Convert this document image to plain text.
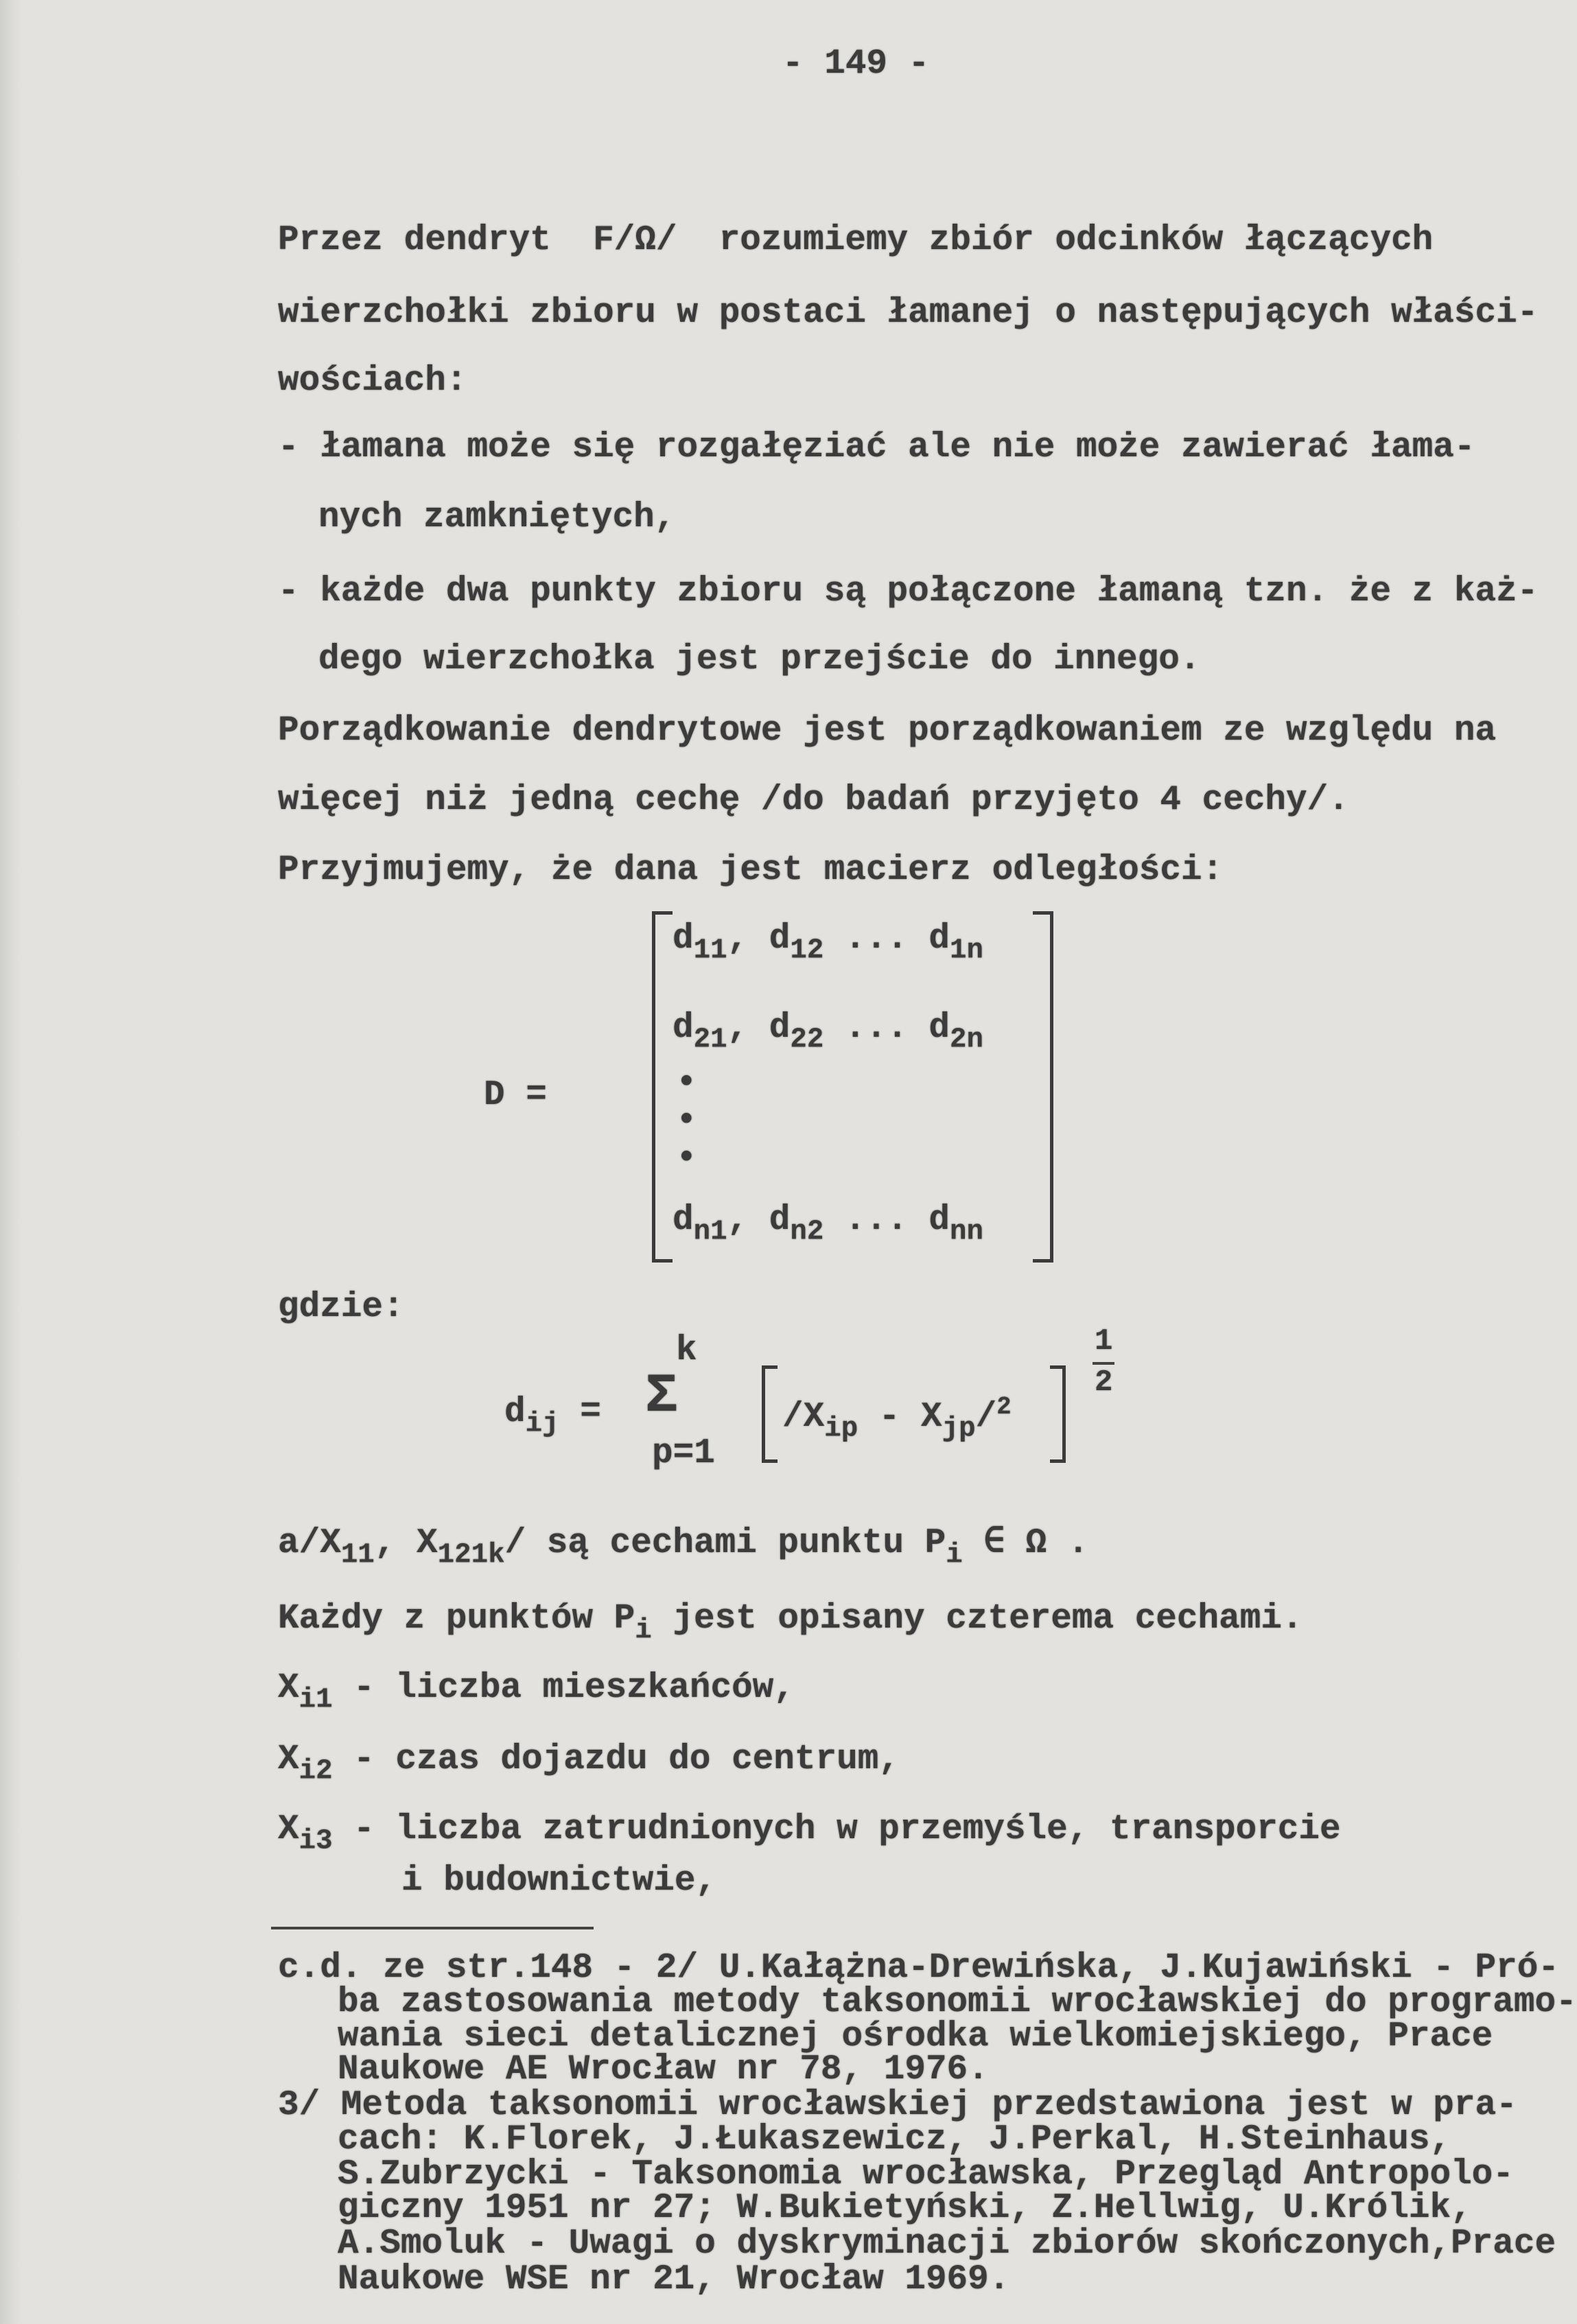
- 149 -
Przez dendryt  F/Ω/  rozumiemy zbiór odcinków łączących
wierzchołki zbioru w postaci łamanej o następujących właści-
wościach:
- łamana może się rozgałęziać ale nie może zawierać łama-
nych zamkniętych,
- każde dwa punkty zbioru są połączone łamaną tzn. że z każ-
dego wierzchołka jest przejście do innego.
Porządkowanie dendrytowe jest porządkowaniem ze względu na
więcej niż jedną cechę /do badań przyjęto 4 cechy/.
Przyjmujemy, że dana jest macierz odległości:
D =
$d_{11}$, $d_{12}$ ... $d_{1n}$
$d_{21}$, $d_{22}$ ... $d_{2n}$
•
•
•
$d_{n1}$, $d_{n2}$ ... $d_{nn}$
gdzie:
$d_{ij}$ =
k
Σ
p=1
$/X_{ip} - X_{jp}/^2$
1
2
$a/X_{11}$, $X_{121k}/$ są cechami punktu $P_i$ ∈ Ω .
Każdy z punktów $P_i$ jest opisany czterema cechami.
$X_{i1}$ - liczba mieszkańców,
$X_{i2}$ - czas dojazdu do centrum,
$X_{i3}$ - liczba zatrudnionych w przemyśle, transporcie
i budownictwie,
c.d. ze str.148 - 2/ U.Kałążna-Drewińska, J.Kujawiński - Pró-
ba zastosowania metody taksonomii wrocławskiej do programo-
wania sieci detalicznej ośrodka wielkomiejskiego, Prace
Naukowe AE Wrocław nr 78, 1976.
3/ Metoda taksonomii wrocławskiej przedstawiona jest w pra-
cach: K.Florek, J.Łukaszewicz, J.Perkal, H.Steinhaus,
S.Zubrzycki - Taksonomia wrocławska, Przegląd Antropolo-
giczny 1951 nr 27; W.Bukietyński, Z.Hellwig, U.Królik,
A.Smoluk - Uwagi o dyskryminacji zbiorów skończonych,Prace
Naukowe WSE nr 21, Wrocław 1969.
